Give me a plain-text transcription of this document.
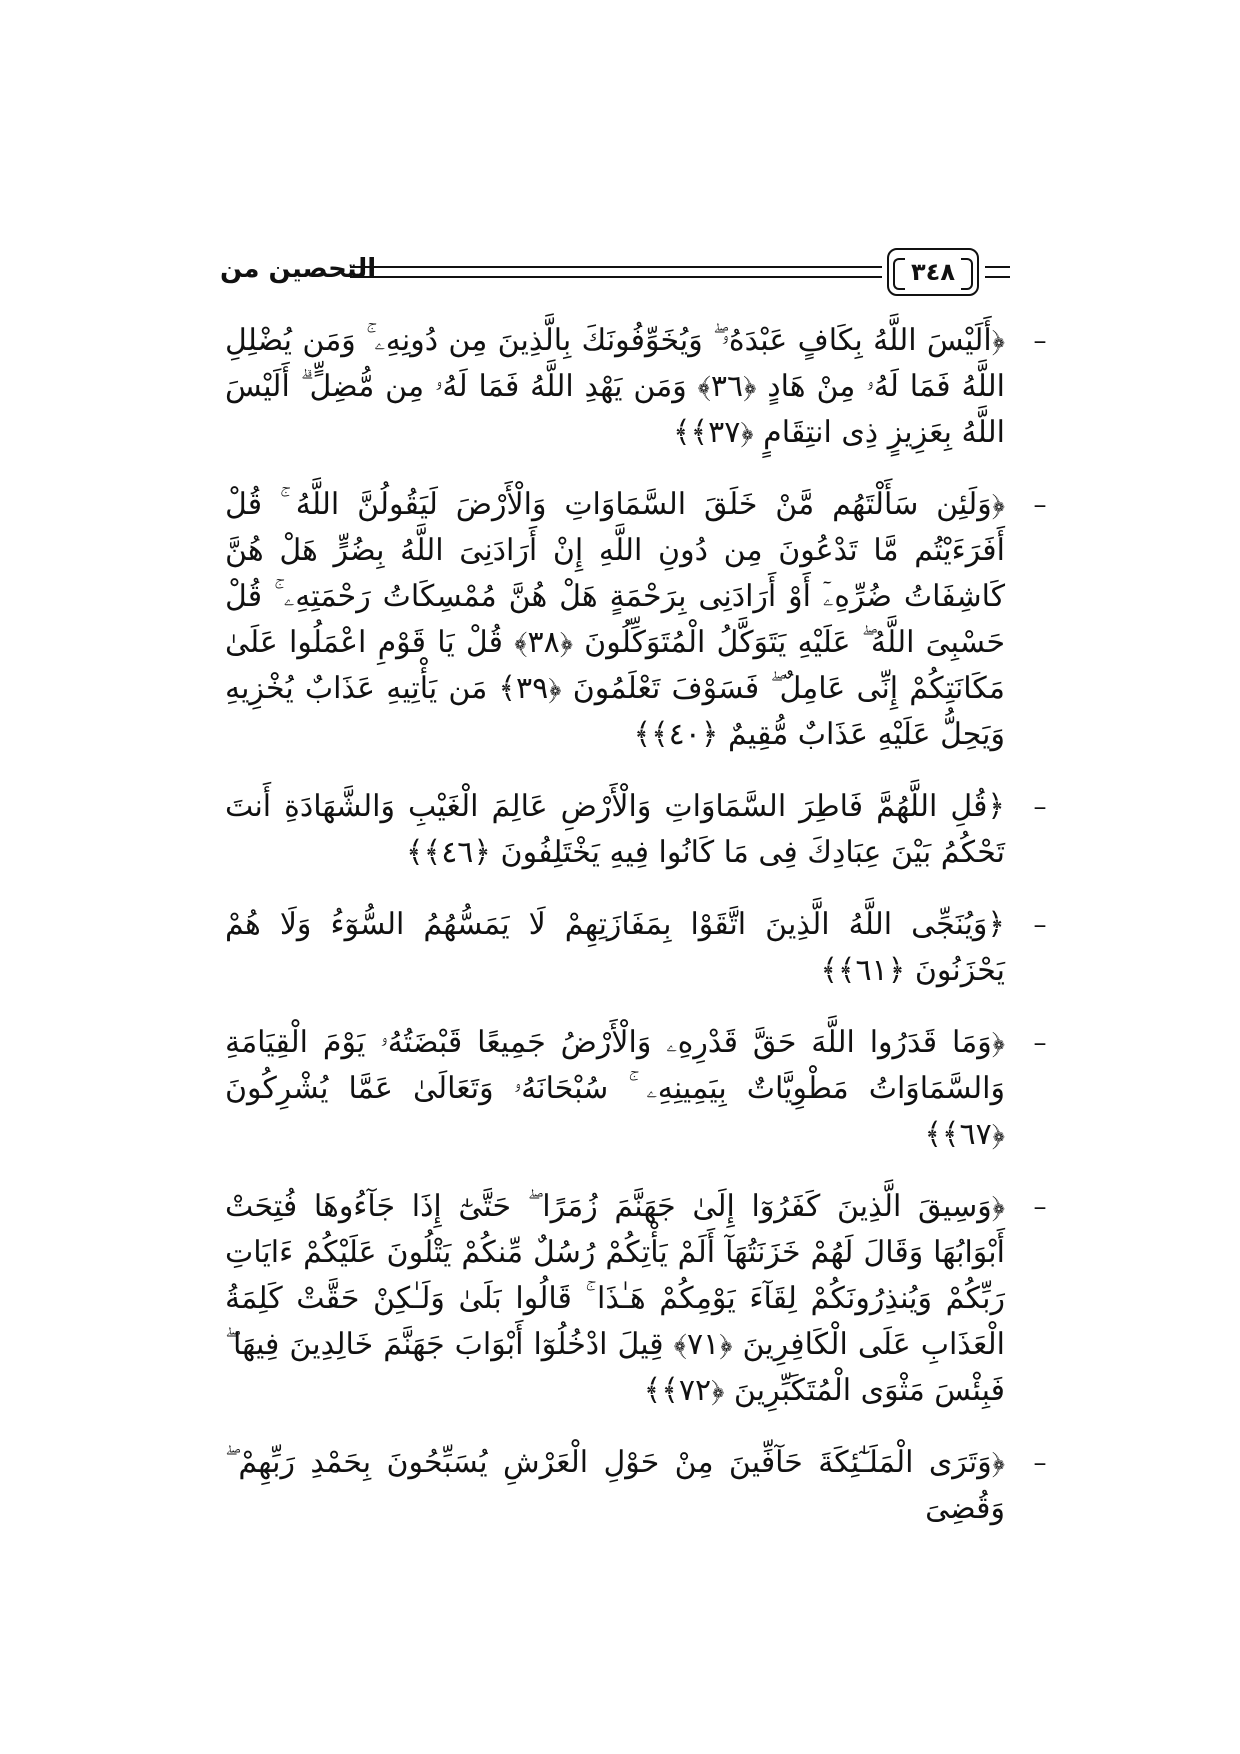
التحصين من	٣٤٨
–
﴿أَلَيْسَ اللَّهُ بِكَافٍ عَبْدَهُۥ ۖ وَيُخَوِّفُونَكَ بِالَّذِينَ مِن دُونِهِۦ ۚ وَمَن يُضْلِلِ اللَّهُ فَمَا لَهُۥ مِنْ هَادٍ ﴿٣٦﴾ وَمَن يَهْدِ اللَّهُ فَمَا لَهُۥ مِن مُّضِلٍّ ۗ أَلَيْسَ اللَّهُ بِعَزِيزٍ ذِى انتِقَامٍ ﴿٣٧﴾﴾
–
﴿وَلَئِن سَأَلْتَهُم مَّنْ خَلَقَ السَّمَاوَاتِ وَالْأَرْضَ لَيَقُولُنَّ اللَّهُ ۚ قُلْ أَفَرَءَيْتُم مَّا تَدْعُونَ مِن دُونِ اللَّهِ إِنْ أَرَادَنِىَ اللَّهُ بِضُرٍّ هَلْ هُنَّ كَاشِفَاتُ ضُرِّهِۦٓ أَوْ أَرَادَنِى بِرَحْمَةٍ هَلْ هُنَّ مُمْسِكَاتُ رَحْمَتِهِۦ ۚ قُلْ حَسْبِىَ اللَّهُ ۖ عَلَيْهِ يَتَوَكَّلُ الْمُتَوَكِّلُونَ ﴿٣٨﴾ قُلْ يَا قَوْمِ اعْمَلُوا عَلَىٰ مَكَانَتِكُمْ إِنِّى عَامِلٌ ۖ فَسَوْفَ تَعْلَمُونَ ﴿٣٩﴾ مَن يَأْتِيهِ عَذَابٌ يُخْزِيهِ وَيَحِلُّ عَلَيْهِ عَذَابٌ مُّقِيمٌ ﴿٤٠﴾﴾
–
﴿قُلِ اللَّهُمَّ فَاطِرَ السَّمَاوَاتِ وَالْأَرْضِ عَالِمَ الْغَيْبِ وَالشَّهَادَةِ أَنتَ تَحْكُمُ بَيْنَ عِبَادِكَ فِى مَا كَانُوا فِيهِ يَخْتَلِفُونَ ﴿٤٦﴾﴾
–
﴿وَيُنَجِّى اللَّهُ الَّذِينَ اتَّقَوْا بِمَفَازَتِهِمْ لَا يَمَسُّهُمُ السُّوٓءُ وَلَا هُمْ يَحْزَنُونَ ﴿٦١﴾﴾
–
﴿وَمَا قَدَرُوا اللَّهَ حَقَّ قَدْرِهِۦ وَالْأَرْضُ جَمِيعًا قَبْضَتُهُۥ يَوْمَ الْقِيَامَةِ وَالسَّمَاوَاتُ مَطْوِيَّاتٌ بِيَمِينِهِۦ ۚ سُبْحَانَهُۥ وَتَعَالَىٰ عَمَّا يُشْرِكُونَ ﴿٦٧﴾﴾
–
﴿وَسِيقَ الَّذِينَ كَفَرُوٓا إِلَىٰ جَهَنَّمَ زُمَرًا ۖ حَتَّىٰٓ إِذَا جَآءُوهَا فُتِحَتْ أَبْوَابُهَا وَقَالَ لَهُمْ خَزَنَتُهَآ أَلَمْ يَأْتِكُمْ رُسُلٌ مِّنكُمْ يَتْلُونَ عَلَيْكُمْ ءَايَاتِ رَبِّكُمْ وَيُنذِرُونَكُمْ لِقَآءَ يَوْمِكُمْ هَـٰذَا ۚ قَالُوا بَلَىٰ وَلَـٰكِنْ حَقَّتْ كَلِمَةُ الْعَذَابِ عَلَى الْكَافِرِينَ ﴿٧١﴾ قِيلَ ادْخُلُوٓا أَبْوَابَ جَهَنَّمَ خَالِدِينَ فِيهَا ۖ فَبِئْسَ مَثْوَى الْمُتَكَبِّرِينَ ﴿٧٢﴾﴾
–
﴿وَتَرَى الْمَلَـٰٓئِكَةَ حَآفِّينَ مِنْ حَوْلِ الْعَرْشِ يُسَبِّحُونَ بِحَمْدِ رَبِّهِمْ ۖ وَقُضِىَ
